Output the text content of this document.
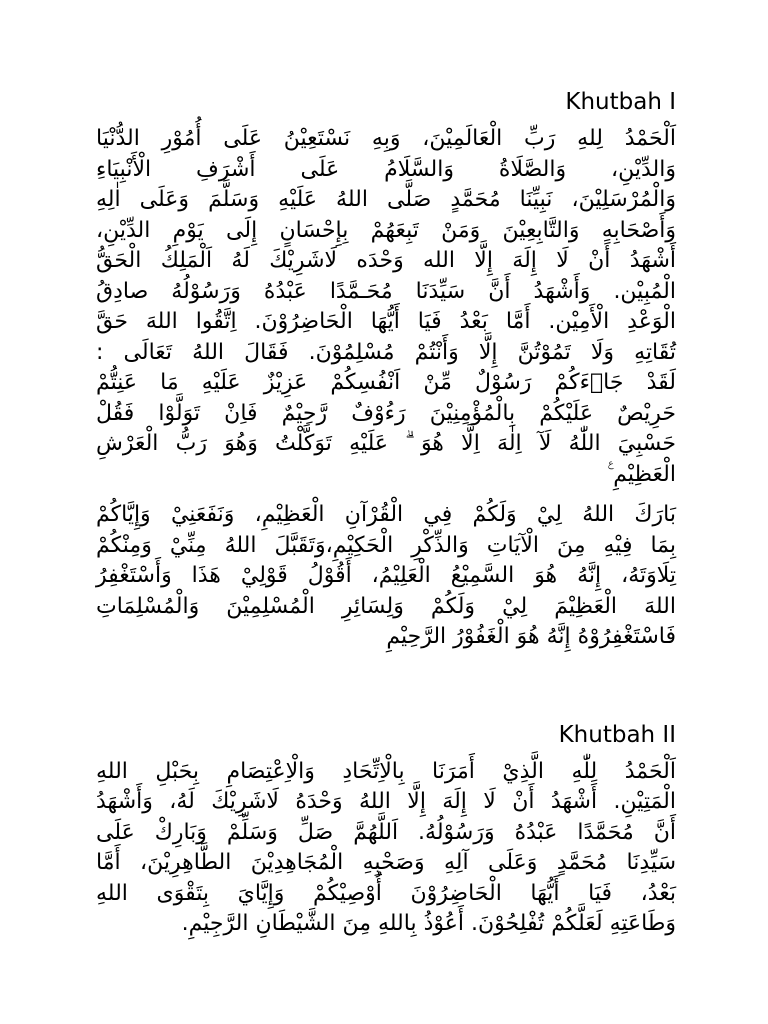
Khutbah I

اَلْحَمْدُ لِلهِ رَبِّ الْعَالَمِيْنَ، وَبِهِ نَسْتَعِيْنُ عَلَى أُمُوْرِ الدُّنْيَا
وَالدِّيْنِ، وَالصَّلَاةُ وَالسَّلَامُ عَلَى أَشْرَفِ الْأَنْبِيَاءِ
وَالْمُرْسَلِيْنَ، نَبِيِّنَا مُحَمَّدٍ صَلَّى اللهُ عَلَيْهِ وَسَلَّمَ وَعَلَى اٰلِهِ
وَأَصْحَابِهِ وَالتَّابِعِيْنَ وَمَنْ تَبِعَهُمْ بِإِحْسَانٍ إِلَى يَوْمِ الدِّيْنِ،
أَشْهَدُ أَنْ لَا إِلَهَ إِلَّا الله وَحْدَه لَاشَرِيْكَ لَهُ اَلْمَلِكُ الْحَقُّ
الْمُبِيْن. وَأَشْهَدُ أَنَّ سَيِّدَنَا مُحَـمَّدًا عَبْدُهُ وَرَسُوْلُهُ صادِقُ
الْوَعْدِ الْأَمِيْن. أَمَّا بَعْدُ فَيَا أَيُّهَا الْحَاضِرُوْنَ. اِتَّقُوا اللهَ حَقَّ
تُقَاتِهِ وَلَا تَمُوْتُنَّ إِلَّا وَأَنْتُمْ مُسْلِمُوْنَ. فَقَالَ اللهُ تَعَالَى :
لَقَدْ جَاۤءَكُمْ رَسُوْلٌ مِّنْ اَنْفُسِكُمْ عَزِيْزٌ عَلَيْهِ مَا عَنِتُّمْ
حَرِيْصٌ عَلَيْكُمْ بِالْمُؤْمِنِيْنَ رَءُوْفٌ رَّحِيْمٌ فَاِنْ تَوَلَّوْا فَقُلْ
حَسْبِيَ اللّٰهُ لَآ اِلٰهَ اِلَّا هُوَ ۗ عَلَيْهِ تَوَكَّلْتُ وَهُوَ رَبُّ الْعَرْشِ
الْعَظِيْمِ ࣖ

بَارَكَ اللهُ لِيْ وَلَكُمْ فِي الْقُرْآنِ الْعَظِيْمِ، وَنَفَعَنِيْ وَإِيَّاكُمْ
بِمَا فِيْهِ مِنَ الْآيَاتِ وَالذِّكْرِ الْحَكِيْمِ،وَتَقَبَّلَ اللهُ مِنِّيْ وَمِنْكُمْ
تِلَاوَتَهُ، إِنَّهُ هُوَ السَّمِيْعُ الْعَلِيْمُ، أَقُوْلُ قَوْلِيْ هَذَا وَأَسْتَغْفِرُ
اللهَ الْعَظِيْمَ لِيْ وَلَكُمْ وَلِسَائِرِ الْمُسْلِمِيْنَ وَالْمُسْلِمَاتِ
فَاسْتَغْفِرُوْهُ إِنَّهُ هُوَ الْغَفُوْرُ الرَّحِيْمِ

Khutbah II

اَلْحَمْدُ لِلّٰهِ الَّذِيْ أَمَرَنَا بِالْاِتِّحَادِ وَالْاِعْتِصَامِ بِحَبْلِ اللهِ
الْمَتِيْنِ. أَشْهَدُ أَنْ لَا إِلَهَ إِلَّا اللهُ وَحْدَهُ لَاشَرِيْكَ لَهُ، وَأَشْهَدُ
أَنَّ مُحَمَّدًا عَبْدُهُ وَرَسُوْلُهُ. اَللَّهُمَّ صَلِّ وَسَلِّمْ وَبَارِكْ عَلَى
سَيِّدِنَا مُحَمَّدٍ وَعَلَى آلِهِ وَصَحْبِهِ الْمُجَاهِدِيْنَ الطَّاهِرِيْنَ، أَمَّا
بَعْدُ، فَيَا أَيُّهَا الْحَاضِرُوْنَ أُوْصِيْكُمْ وَإِيَّايَ بِتَقْوَى اللهِ
وَطَاعَتِهِ لَعَلَّكُمْ تُفْلِحُوْنَ. أَعُوْذُ بِاللهِ مِنَ الشَّيْطَانِ الرَّجِيْمِ.
